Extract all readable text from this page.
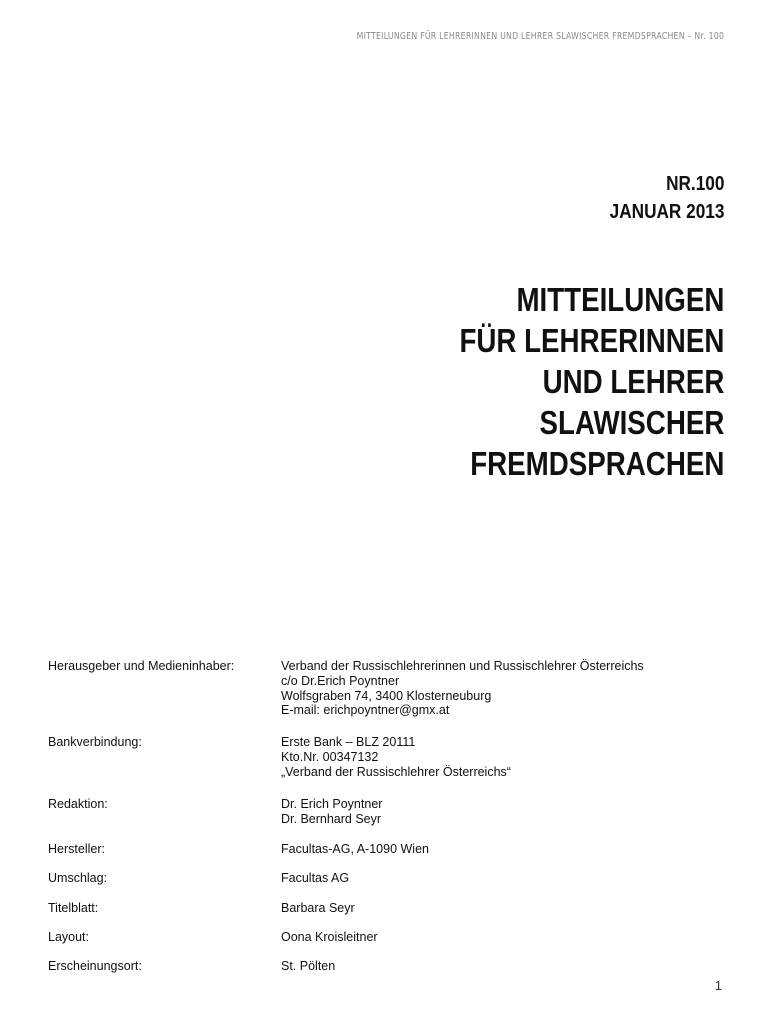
MITTEILUNGEN FÜR LEHRERINNEN UND LEHRER SLAWISCHER FREMDSPRACHEN – Nr. 100
NR.100
JANUAR 2013
MITTEILUNGEN
FÜR LEHRERINNEN
UND LEHRER
SLAWISCHER
FREMDSPRACHEN
Herausgeber und Medieninhaber:	Verband der Russischlehrerinnen und Russischlehrer Österreichs
c/o Dr.Erich Poyntner
Wolfsgraben 74, 3400 Klosterneuburg
E-mail: erichpoyntner@gmx.at
Bankverbindung:	Erste Bank – BLZ 20111
Kto.Nr. 00347132
„Verband der Russischlehrer Österreichs“
Redaktion:	Dr. Erich Poyntner
Dr. Bernhard Seyr
Hersteller:	Facultas-AG, A-1090 Wien
Umschlag:	Facultas AG
Titelblatt:	Barbara Seyr
Layout:	Oona Kroisleitner
Erscheinungsort:	St. Pölten
1
